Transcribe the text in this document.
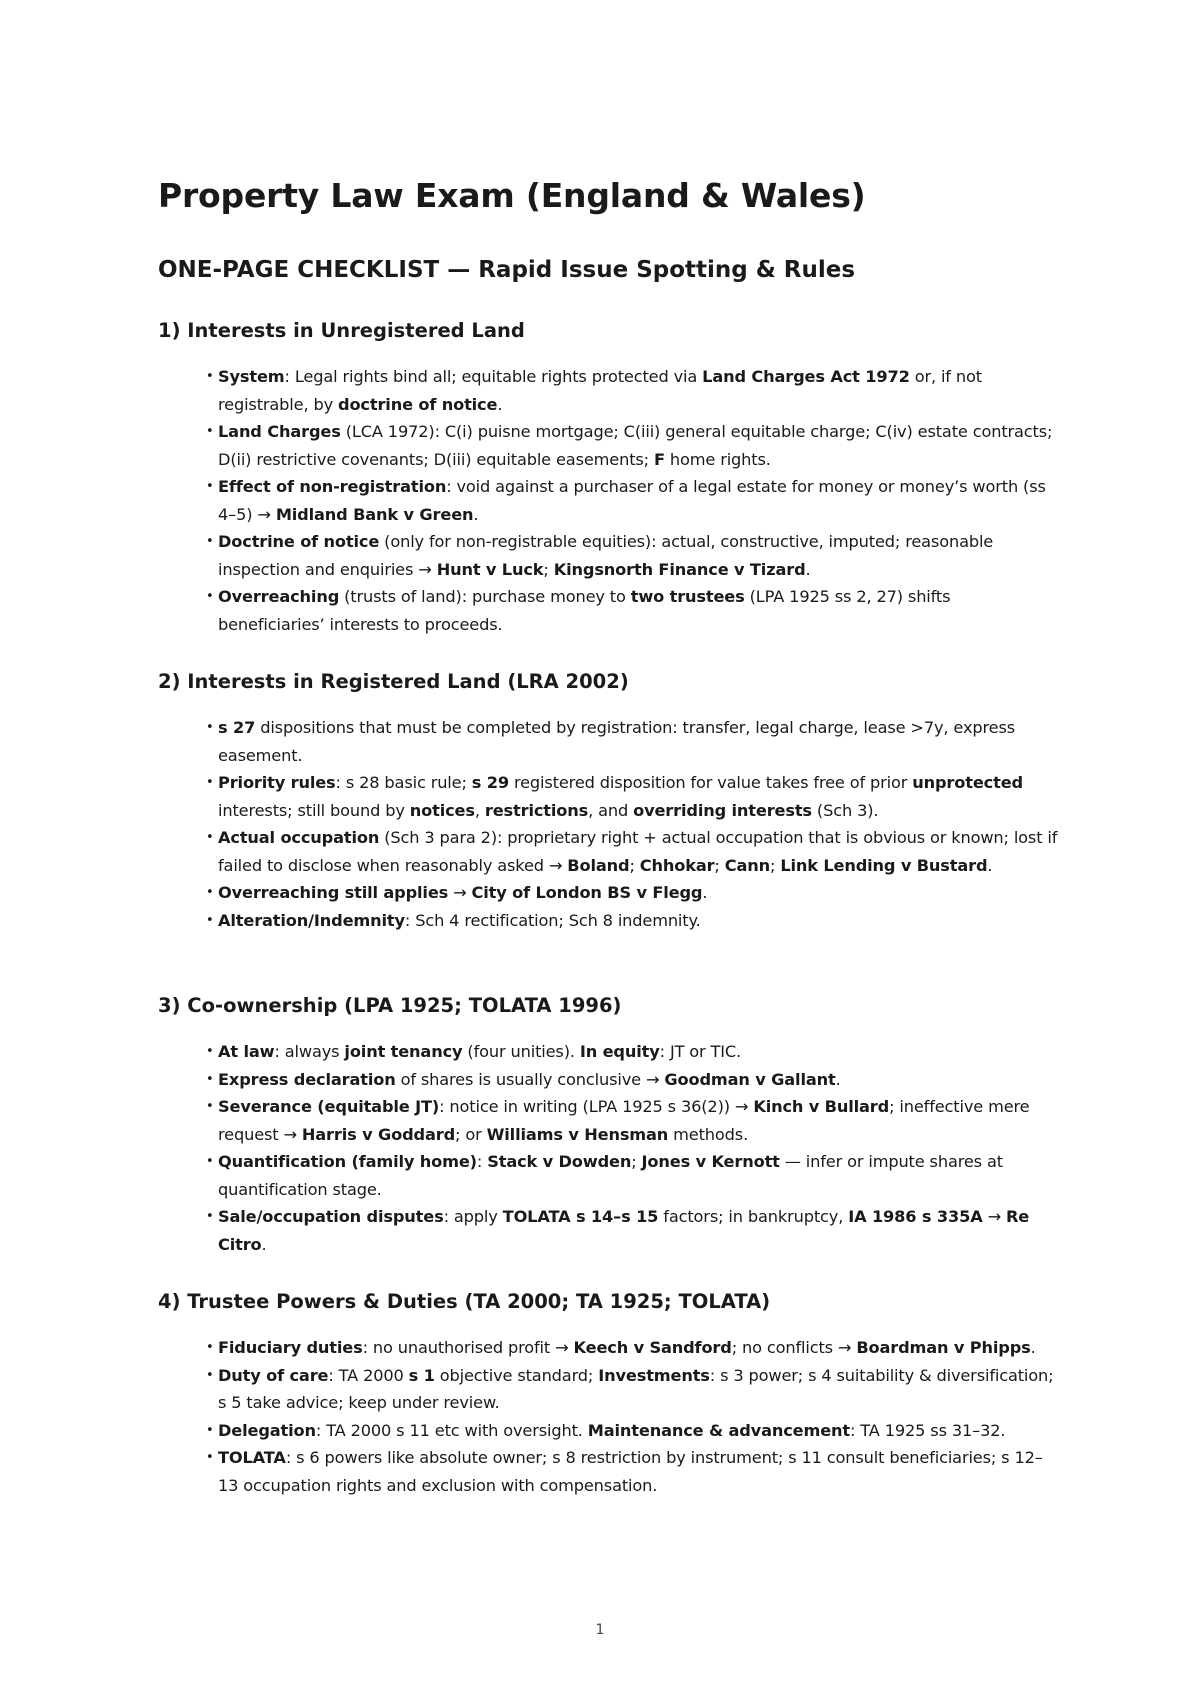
Property Law Exam (England & Wales)
ONE-PAGE CHECKLIST — Rapid Issue Spotting & Rules
1) Interests in Unregistered Land
• System: Legal rights bind all; equitable rights protected via Land Charges Act 1972 or, if not registrable, by doctrine of notice.
• Land Charges (LCA 1972): C(i) puisne mortgage; C(iii) general equitable charge; C(iv) estate contracts; D(ii) restrictive covenants; D(iii) equitable easements; F home rights.
• Effect of non-registration: void against a purchaser of a legal estate for money or money’s worth (ss 4–5) → Midland Bank v Green.
• Doctrine of notice (only for non-registrable equities): actual, constructive, imputed; reasonable inspection and enquiries → Hunt v Luck; Kingsnorth Finance v Tizard.
• Overreaching (trusts of land): purchase money to two trustees (LPA 1925 ss 2, 27) shifts beneficiaries’ interests to proceeds.
2) Interests in Registered Land (LRA 2002)
• s 27 dispositions that must be completed by registration: transfer, legal charge, lease >7y, express easement.
• Priority rules: s 28 basic rule; s 29 registered disposition for value takes free of prior unprotected interests; still bound by notices, restrictions, and overriding interests (Sch 3).
• Actual occupation (Sch 3 para 2): proprietary right + actual occupation that is obvious or known; lost if failed to disclose when reasonably asked → Boland; Chhokar; Cann; Link Lending v Bustard.
• Overreaching still applies → City of London BS v Flegg.
• Alteration/Indemnity: Sch 4 rectification; Sch 8 indemnity.
3) Co-ownership (LPA 1925; TOLATA 1996)
• At law: always joint tenancy (four unities). In equity: JT or TIC.
• Express declaration of shares is usually conclusive → Goodman v Gallant.
• Severance (equitable JT): notice in writing (LPA 1925 s 36(2)) → Kinch v Bullard; ineffective mere request → Harris v Goddard; or Williams v Hensman methods.
• Quantification (family home): Stack v Dowden; Jones v Kernott — infer or impute shares at quantification stage.
• Sale/occupation disputes: apply TOLATA s 14–s 15 factors; in bankruptcy, IA 1986 s 335A → Re Citro.
4) Trustee Powers & Duties (TA 2000; TA 1925; TOLATA)
• Fiduciary duties: no unauthorised profit → Keech v Sandford; no conflicts → Boardman v Phipps.
• Duty of care: TA 2000 s 1 objective standard; Investments: s 3 power; s 4 suitability & diversification; s 5 take advice; keep under review.
• Delegation: TA 2000 s 11 etc with oversight. Maintenance & advancement: TA 1925 ss 31–32.
• TOLATA: s 6 powers like absolute owner; s 8 restriction by instrument; s 11 consult beneficiaries; s 12–13 occupation rights and exclusion with compensation.
1
